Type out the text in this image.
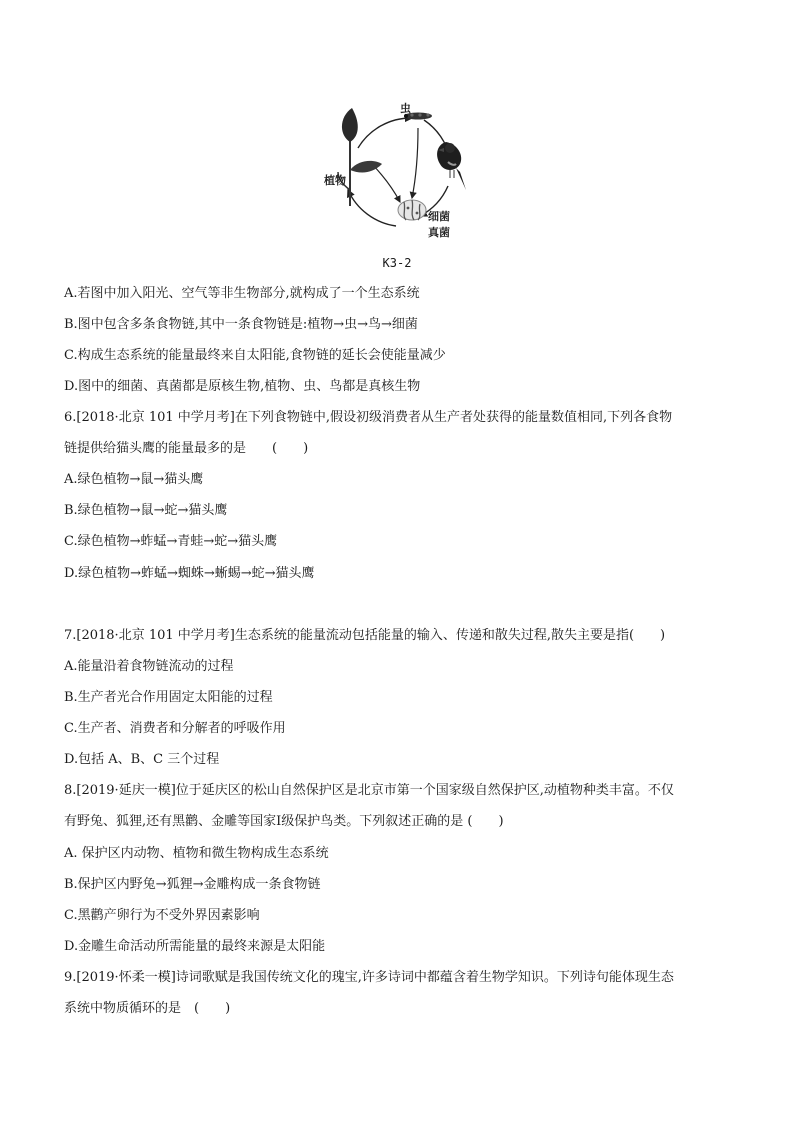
虫
植物
细菌
真菌
K3-2
A.若图中加入阳光、空气等非生物部分,就构成了一个生态系统
B.图中包含多条食物链,其中一条食物链是:植物→虫→鸟→细菌
C.构成生态系统的能量最终来自太阳能,食物链的延长会使能量减少
D.图中的细菌、真菌都是原核生物,植物、虫、鸟都是真核生物
6.[2018·北京 101 中学月考]在下列食物链中,假设初级消费者从生产者处获得的能量数值相同,下列各食物
链提供给猫头鹰的能量最多的是　　(　　)
A.绿色植物→鼠→猫头鹰
B.绿色植物→鼠→蛇→猫头鹰
C.绿色植物→蚱蜢→青蛙→蛇→猫头鹰
D.绿色植物→蚱蜢→蜘蛛→蜥蜴→蛇→猫头鹰
7.[2018·北京 101 中学月考]生态系统的能量流动包括能量的输入、传递和散失过程,散失主要是指(　　)
A.能量沿着食物链流动的过程
B.生产者光合作用固定太阳能的过程
C.生产者、消费者和分解者的呼吸作用
D.包括 A、B、C 三个过程
8.[2019·延庆一模]位于延庆区的松山自然保护区是北京市第一个国家级自然保护区,动植物种类丰富。不仅
有野兔、狐狸,还有黑鹳、金雕等国家Ⅰ级保护鸟类。下列叙述正确的是 (　　)
A. 保护区内动物、植物和微生物构成生态系统
B.保护区内野兔→狐狸→金雕构成一条食物链
C.黑鹳产卵行为不受外界因素影响
D.金雕生命活动所需能量的最终来源是太阳能
9.[2019·怀柔一模]诗词歌赋是我国传统文化的瑰宝,许多诗词中都蕴含着生物学知识。下列诗句能体现生态
系统中物质循环的是　(　　)
